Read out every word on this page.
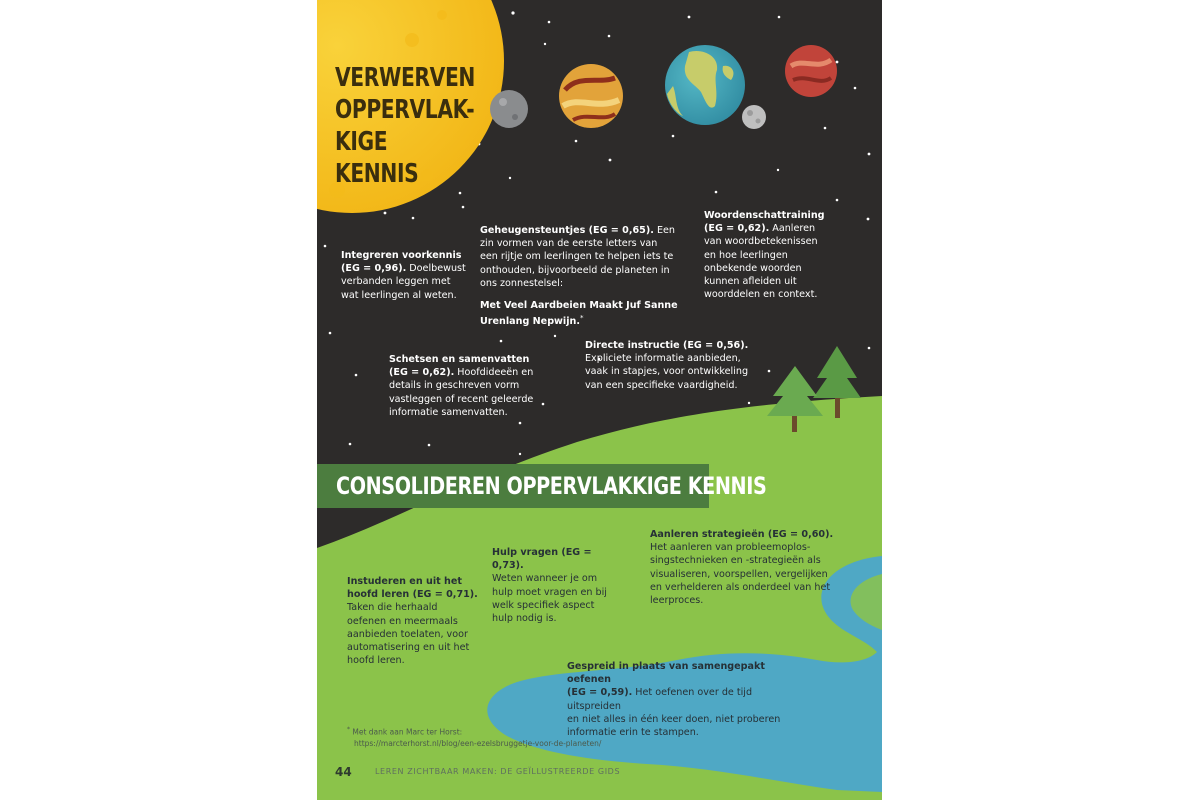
VERWERVEN
OPPERVLAK-
KIGE KENNIS
Integreren voorkennis
(EG = 0,96). Doelbewust
verbanden leggen met
wat leerlingen al weten.
Geheugensteuntjes (EG = 0,65). Een
zin vormen van de eerste letters van
een rijtje om leerlingen te helpen iets te
onthouden, bijvoorbeeld de planeten in
ons zonnestelsel:

Met Veel Aardbeien Maakt Juf Sanne
Urenlang Nepwijn.*
Woordenschattraining
(EG = 0,62). Aanleren
van woordbetekenissen
en hoe leerlingen
onbekende woorden
kunnen afleiden uit
woorddelen en context.
Schetsen en samenvatten
(EG = 0,62). Hoofdideeën en
details in geschreven vorm
vastleggen of recent geleerde
informatie samenvatten.
Directe instructie (EG = 0,56).
Expliciete informatie aanbieden,
vaak in stapjes, voor ontwikkeling
van een specifieke vaardigheid.
CONSOLIDEREN OPPERVLAKKIGE KENNIS
Instuderen en uit het
hoofd leren (EG = 0,71).
Taken die herhaald
oefenen en meermaals
aanbieden toelaten, voor
automatisering en uit het
hoofd leren.
Hulp vragen (EG = 0,73).
Weten wanneer je om
hulp moet vragen en bij
welk specifiek aspect
hulp nodig is.
Aanleren strategieën (EG = 0,60).
Het aanleren van probleemoplos-
singstechnieken en -strategieën als
visualiseren, voorspellen, vergelijken
en verhelderen als onderdeel van het
leerproces.
Gespreid in plaats van samengepakt oefenen
(EG = 0,59). Het oefenen over de tijd uitspreiden
en niet alles in één keer doen, niet proberen
informatie erin te stampen.
* Met dank aan Marc ter Horst:
https://marcterhorst.nl/blog/een-ezelsbruggetje-voor-de-planeten/
44	LEREN ZICHTBAAR MAKEN: DE GEÏLLUSTREERDE GIDS
